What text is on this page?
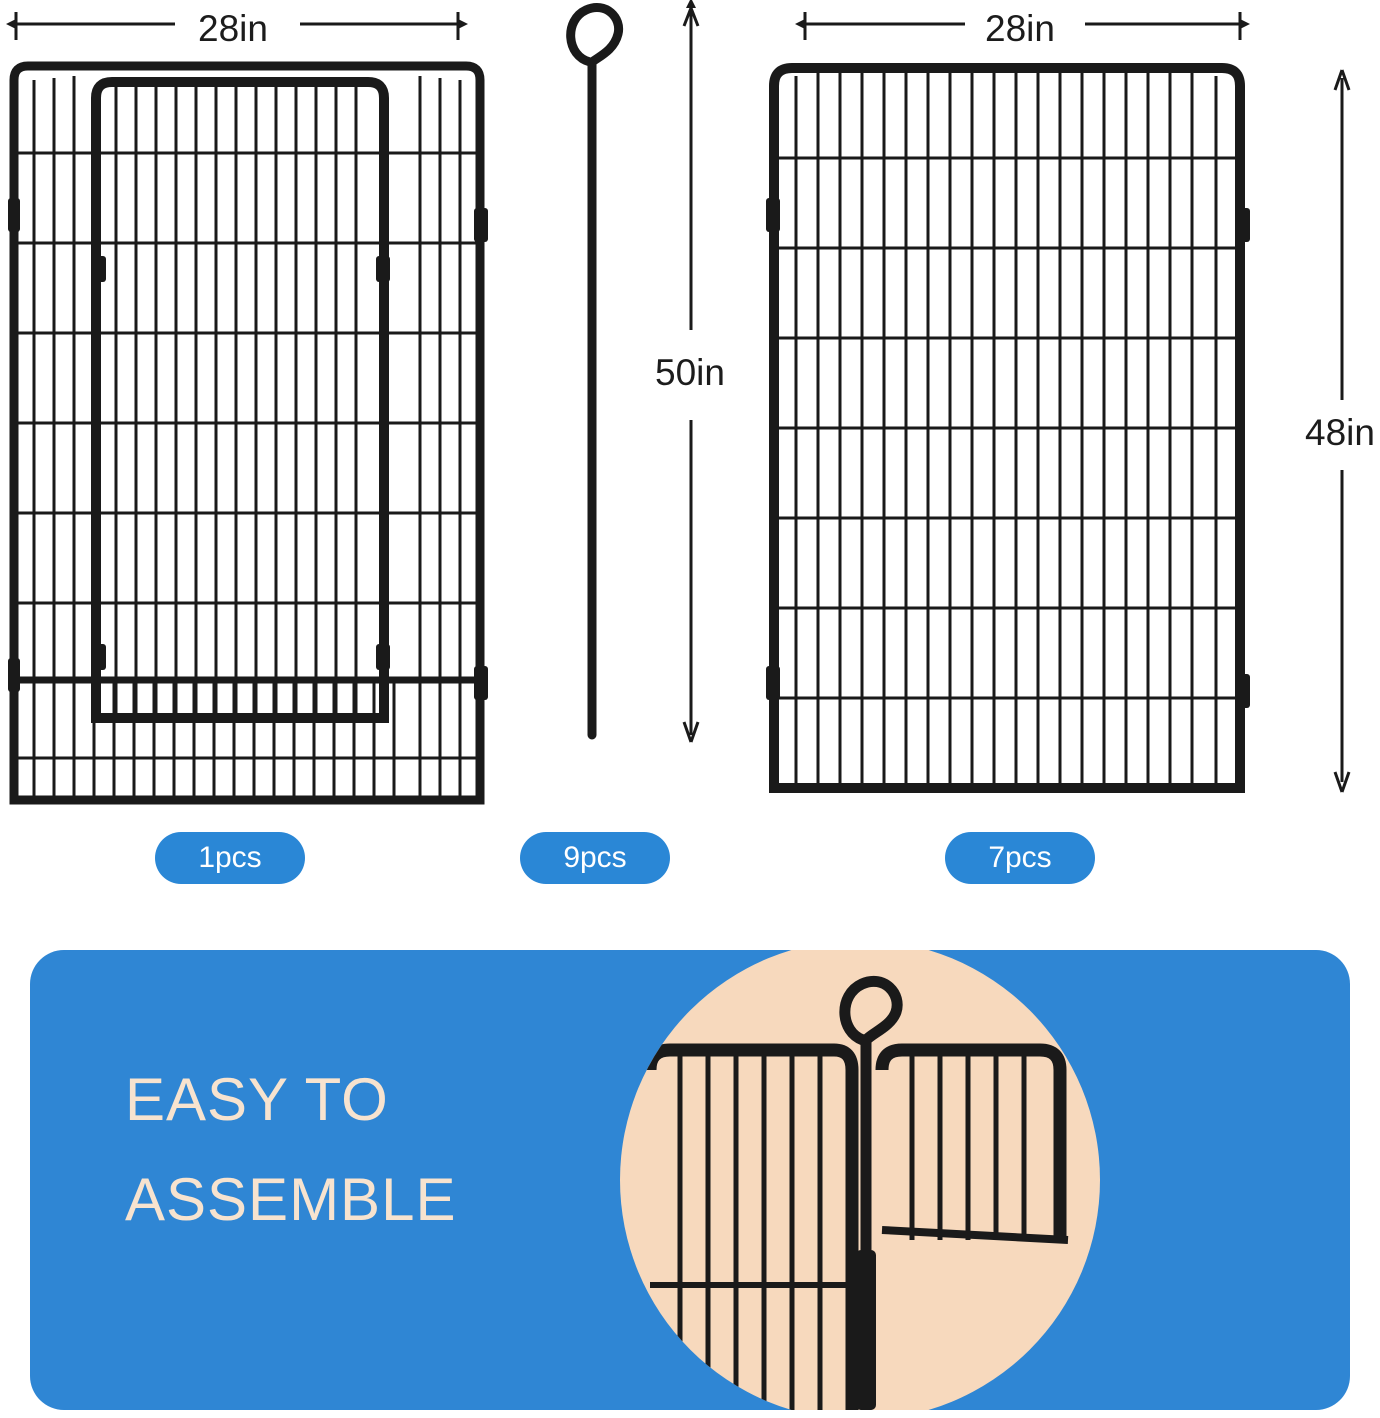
28in	28in
50in
48in
1pcs	9pcs	7pcs
EASY TO
ASSEMBLE
